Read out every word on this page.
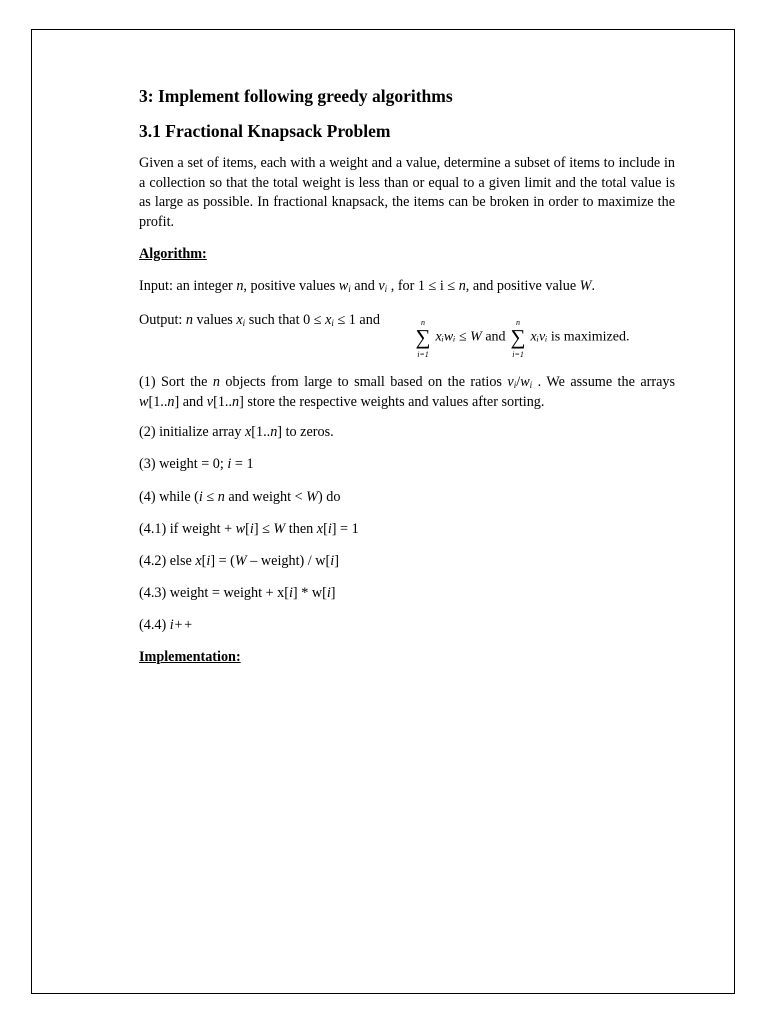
3: Implement following greedy algorithms
3.1 Fractional Knapsack Problem

Given a set of items, each with a weight and a value, determine a subset of items to include in a collection so that the total weight is less than or equal to a given limit and the total value is as large as possible. In fractional knapsack, the items can be broken in order to maximize the profit.

Algorithm:

Input: an integer n, positive values $w_i$ and $v_i$ , for 1 ≤ i ≤ n, and positive value W.

Output: n values $x_i$ such that $0 \le x_i \le 1$ and

∑
n
i=1
xᵢwᵢ ≤ W and ∑
n
i=1
xᵢvᵢ is maximized.

(1) Sort the n objects from large to small based on the ratios $v_i/w_i$ . We assume the arrays w[1..n] and v[1..n] store the respective weights and values after sorting.

(2) initialize array x[1..n] to zeros.

(3) weight = 0; i = 1

(4) while (i ≤ n and weight < W) do

(4.1) if weight + w[i] ≤ W then x[i] = 1

(4.2) else x[i] = (W – weight) / w[i]

(4.3) weight = weight + x[i] * w[i]

(4.4) i++

Implementation:
